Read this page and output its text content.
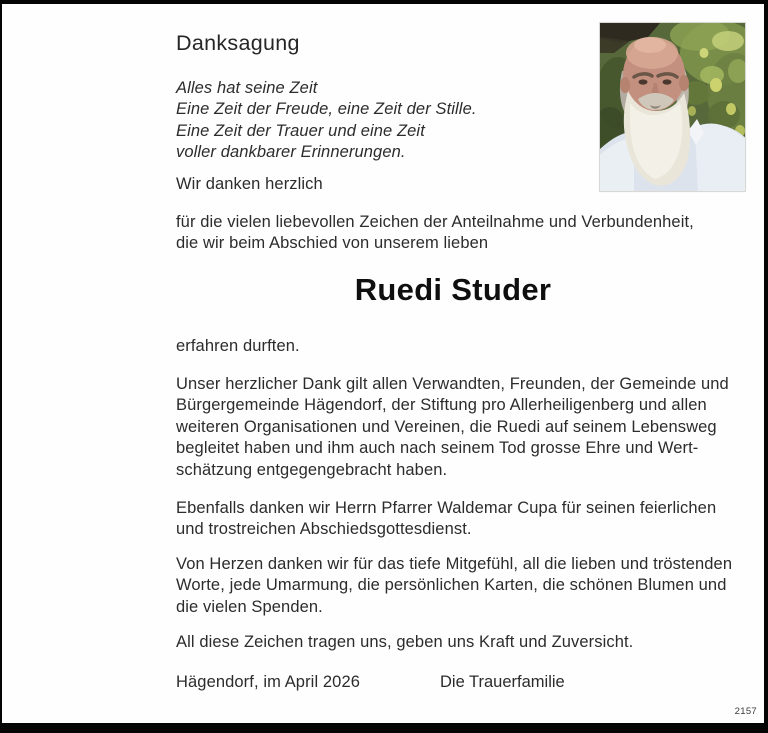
Danksagung
Alles hat seine Zeit
Eine Zeit der Freude, eine Zeit der Stille.
Eine Zeit der Trauer und eine Zeit
voller dankbarer Erinnerungen.
Wir danken herzlich
für die vielen liebevollen Zeichen der Anteilnahme und Verbundenheit,
die wir beim Abschied von unserem lieben
Ruedi Studer
erfahren durften.
Unser herzlicher Dank gilt allen Verwandten, Freunden, der Gemeinde und
Bürgergemeinde Hägendorf, der Stiftung pro Allerheiligenberg und allen
weiteren Organisationen und Vereinen, die Ruedi auf seinem Lebensweg
begleitet haben und ihm auch nach seinem Tod grosse Ehre und Wert-
schätzung entgegengebracht haben.
Ebenfalls danken wir Herrn Pfarrer Waldemar Cupa für seinen feierlichen
und trostreichen Abschiedsgottesdienst.
Von Herzen danken wir für das tiefe Mitgefühl, all die lieben und tröstenden
Worte, jede Umarmung, die persönlichen Karten, die schönen Blumen und
die vielen Spenden.
All diese Zeichen tragen uns, geben uns Kraft und Zuversicht.
Hägendorf, im April 2026	Die Trauerfamilie
2157
